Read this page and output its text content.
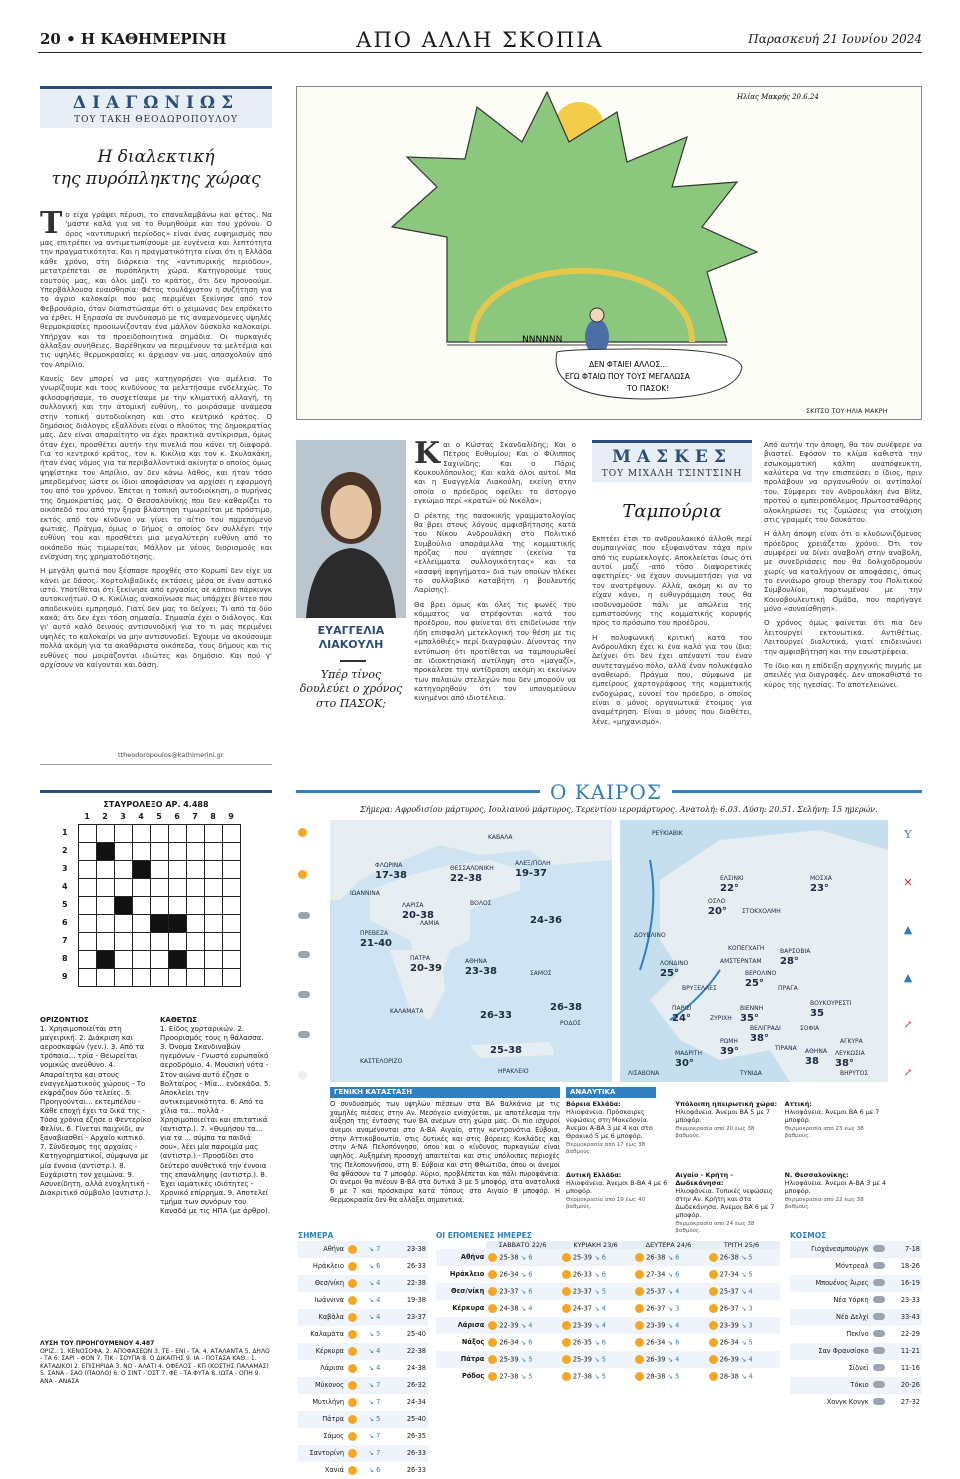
20 • Η ΚΑΘΗΜΕΡΙΝΗ	ΑΠΟ ΑΛΛΗ ΣΚΟΠΙΑ	Παρασκευή 21 Ιουνίου 2024
ΔΙΑΓΩΝΙΩΣ
ΤΟΥ ΤΑΚΗ ΘΕΟΔΩΡΟΠΟΥΛΟΥ
Η διαλεκτική
της πυρόπληκτης χώρας

Το είχα γράψει πέρυσι, το επαναλαμβάνω και φέτος. Να 'μαστε καλά για να το θυμηθούμε και του χρόνου. Ο όρος «αντιπυρική περίοδος» είναι ένας ευφημισμός που μας επιτρέπει να αντιμετωπίσουμε με ευγένεια και λεπτότητα την πραγματικότητα. Και η πραγματικότητα είναι ότι η Ελλάδα κάθε χρόνο, στη διάρκεια της «αντιπυρικής περιόδου», μετατρέπεται σε πυρόπληκτη χώρα. Κατηγορούμε τους εαυτούς μας, και όλοι μαζί το κράτος, ότι δεν προνοούμε. Υπερβάλλουσα ευαισθησία: Φέτος τουλάχιστον η συζήτηση για το άγριο καλοκαίρι που μας περιμένει ξεκίνησε από τον Φεβρουάριο, όταν διαπιστώσαμε ότι ο χειμώνας δεν επρόκειτο να έρθει. Η ξηρασία σε συνδυασμό με τις αναμενόμενες υψηλές θερμοκρασίες προοιωνίζονταν ένα μάλλον δύσκολο καλοκαίρι. Υπήρχαν και τα προειδοποιητικά σημάδια. Οι πυρκαγιές άλλαξαν συνήθειες. Βαρέθηκαν να περιμένουν τα μελτέμια και τις υψηλές θερμοκρασίες κι άρχισαν να μας απασχολούν από τον Απρίλιο.

Κανείς δεν μπορεί να μας κατηγορήσει για αμέλεια. Το γνωρίζουμε και τους κινδύνους τα μελετήσαμε ενδελεχώς. Το φιλοσοφήσαμε, το συσχετίσαμε με την κλιματική αλλαγή, τη συλλογική και την ατομική ευθύνη, το μοιράσαμε ανάμεσα στην τοπική αυτοδιοίκηση και στο κεντρικό κράτος. Ο δημόσιος διάλογος εξαλλόνει είναι ο πλούτος της δημοκρατίας μας. Δεν είναι απαραίτητο να έχει πρακτικά αντίκρισμα, όμως όταν έχει, προσθέτει αυτήν την πινελιά που κάνει τη διαφορά. Για το κεντρικό κράτος, τον κ. Κικίλια και τον κ. Σκυλακάκη, ήταν ένας νόμος για τα περιβαλλοντικά ακίνητα ο οποίος όμως ψηφίστηκε τον Απρίλιο, αν δεν κάνω λάθος, και ήταν τόσο μπερδεμένος ώστε οι ίδιοι αποφάσισαν να αρχίσει η εφαρμογή του από του χρόνου. Έπεται η τοπική αυτοδιοίκηση, ο πυρήνας της δημοκρατίας μας. Ο Θεσσαλονίκης που δεν καθαρίζει το οικόπεδό του από την ξηρά βλάστηση τιμωρείται με πρόστιμο, εκτός από τον κίνδυνο να γίνει το αίτιο του παρεπόμενο φωτιάς. Πράγμα, όμως ο δήμος ο οποίος δεν συλλέγει την ευθύνη του και προσθέτει μια μεγαλύτερη ευθύνη από το οικόπεδο πώς τιμωρείται; Μάλλον με νέους διορισμούς και ενίσχυση της χρηματοδότησης.

Η μεγάλη φωτιά που ξέσπασε προχθές στο Κορωπί δεν είχε να κάνει με δάσος. Χορτολιβαδικές εκτάσεις μέσα σε έναν αστικό ιστό. Υποτίθεται ότι ξεκίνησε από εργασίες σε κάποιο πάρκινγκ αυτοκινήτων. Ο κ. Κικίλιας ανακοίνωσε πως υπάρχει βίντεο που αποδεικνύει εμπρησμό. Γιατί δεν μας το δείχνει; Τι από τα δύο κακά; ότι δεν έχει τόση σημασία. Σημασία έχει ο διάλογος. Και γι' αυτό καλό δεινούς αντισυνοδική για το τι μας περιμένει υψηλές το καλοκαίρι να μην αντισυνοδεί. Έχουμε να ακούσουμε πολλά ακόμη για τα ακαθάριστα οικόπεδα, τους δήμους και τις ευθύνες που μοιράζονται ιδιώτες και δημόσιο. Και πού γ' αρχίσουν να καίγονται και δάση.

ttheodoropoulos@kathimerini.gr
ΝΝΝΝΝΝ
Ηλίας Μακρής 20.6.24
ΔΕΝ ΦΤΑΙΕΙ ΑΛΛΟΣ...
ΕΓΩ ΦΤΑΙΩ ΠΟΥ ΤΟΥΣ ΜΕΓΑΛΩΣΑ
ΤΟ ΠΑΣΟΚ!
ΣΚΙΤΣΟ ΤΟΥ ΗΛΙΑ ΜΑΚΡΗ
ΕΥΑΓΓΕΛΙΑ
ΛΙΑΚΟΥΛΗ
Υπέρ τίνος δουλεύει ο χρόνος στο ΠΑΣΟΚ;

Και ο Κώστας Σκανδαλίδης; Και ο Πέτρος Ευθυμίου; Και ο Φίλιππος Σαχινίδης; Και ο Πάρις Κουκουλόπουλος; Και καλά όλοι αυτοί. Μα και η Ευαγγελία Λιακούλη, εκείνη στην οποία ο πρόεδρος οφείλει το όστοργο εγκώμιο περί «κρατώ» ού Νικόλα»;

Ο ρέκτης της πασοκικής γραμματολογίας θα βρει στους λόγους αμφισβήτησης κατά του Νίκου Ανδρουλάκη στο Πολιτικό Συμβούλιο απαράμιλλα της κομματικής πρόζας που αγάπησε (εκείνα τα «ελλείμματα συλλογικότητας» και τα «ασαφή αφηγήματα» διά των οποίων πλέκει το συλλαβικό καταβήτη η βουλευτής Λαρίσης).

Θα βρει όμως και όλες τις φωνές του κόμματος να στρέφονται κατά του προέδρου, που φαίνεται ότι επιδείνωσε την ήδη επισφαλή μετεκλογική του θέση με τις «μπαλόθιές» περί διαγραφών. Δίνοντας την εντύπωση ότι προτίθεται να ταμπουρωθεί σε ιδιοκτησιακή αντίληψη στο «μαγαζί», προκάλεσε την αντίδραση ακόμη κι εκείνων των παλαιών στελεχών που δεν μπορούν να κατηγορηθούν ότι τον υπονομεύουν κινημένοι από ιδιοτέλεια.

ΜΑΣΚΕΣ
ΤΟΥ ΜΙΧΑΛΗ ΤΣΙΝΤΣΙΝΗ
Ταμπούρια

Εκπτέει έτσι το ανδρουλακικό άλλοθι περί συμπαιγνίας που εξυφαινόταν τάχα πριν από τις ευρωεκλογές. Αποκλείεται ίσως ότι αυτοί μαζί -από τόσο διαφορετικές αφετηρίες- να έχουν συνωμοτήσει για να τον ανατρέψουν. Αλλά, ακόμη κι αν το είχαν κάνει, η ευθυγράμμιση τους θα ισοδυναμούσε πάλι με απώλεια της εμπιστοσύνης της κομματικής κορυφής προς το πρόσωπο του προέδρου.

Η πολυφωνική κριτική κατά του Ανδρουλάκη έχει κι ένα καλό για τον ίδιο: Δείχνει ότι δεν έχει απέναντί του έναν συντεταγμένο πόλο, αλλά έναν πολυκέφαλο αναθεωρό. Πράγμα που, σύμφωνα με εμπείρους χαρτογράφους της κομματικής ενδοχώρας, ευνοεί τον πρόεδρο, ο οποίος είναι ο μόνος οργανωτικά έτοιμος για αναμέτρηση. Είναι ο μόνος που διαθέτει, λένε, «μηχανισμό».

Από αυτήν την άποψη, θα τον συνέφερε να βιαστεί. Εφόσον το κλίμα καθιστά την εσωκομματική κάλπη αναπόφευκτη, καλύτερα να την επισπεύσει ο ίδιος, πριν προλάβουν να οργανωθούν οι αντίπαλοί του. Σύμφερει τον Ανδρουλάκη ένα Blitz, προτού ο εμπειροπόλεμος Πρωτοσταθάρης ολοκληρώσει τις ζυμώσεις για στοίχιση στις γραμμές του δουκάτου.

Η άλλη άποψη είναι ότι ο κλυδωνιζόμενος πρόεδρος χρειάζεται χρόνο. Ότι τον συμφέρει να δίνει αναβολή στην αναβολή, με συνεδριάσεις που θα δολιχοδρομούν χωρίς να καταλήγουν σε αποφάσεις, όπως το εννιάωρο group therapy του Πολιτικού Συμβουλίου, παρτωμένου με την Κοινοβουλευτική Ομάδα, που παρήγαγε μόνο «συναίσθηση».

Ο χρόνος όμως φαίνεται ότι πια δεν λειτουργεί εκτονωτικά. Αντιθέτως. Λειτουργεί διαλυτικά, γιατί επιδεινώνει την αμφισβήτηση και την εσωστρέφεια.

Το ίδιο και η επίδειξη αρχηγικής πυγμής με απειλές για διαγραφές. Δεν αποκαθιστά το κύρος της ηγεσίας. Το αποτελειώνει.

ΣΤΑΥΡΟΛΕΞΟ ΑΡ. 4.488
1	2	3	4	5	6	7	8	9
1
2
3
4
5
6
7
8
9

ΟΡΙΖΟΝΤΙΟΣ
1. Χρησιμοποιείται στη μαγειρική. 2. Διάκριση και αεροσκαφών (γεν.). 3. Από τα τρόπαια... τρία - Θεωρείται νομικώς ανεύθυνο. 4. Απαραίτητα και στους εναγγελματικούς χώρους - Το εκφράζουν δύο τελείες. 5. Προηγούνται... εκτεμπέλου - Κάθε εποχή έχει τα δικά της - Τόσα χρόνια έζησε ο Φεντερίκο Φελίνι. 6. Γίνεται παιχνίδι, αν ξαναβιασθεί - Αρχαίο κιπτικό. 7. Σύνδεσμος της αρχαίας - Κατηγορηματικοί, σύμφωνα με μία έννοια (αντιστρ.). 8. Ευχάριστη τον χειμώνα. 9. Ασυνείδητη, αλλά ενοχλητική - Διακριτικό σύμβολο (αντιστρ.).
ΚΑΘΕΤΩΣ
1. Είδος χορταρικών. 2. Προορισμός τους η θάλασσα. 3. Όνομα Σκανδιναβών ηγεμόνων - Γνωστό ευρωπαϊκό αεροδρόμιο. 4. Μουσική νότα - Στον αιώνα αυτό έζησε ο Βολταίρος - Μία... ενδεκάδα. 5. Αποκλείει την αντικειμενικότητα. 6. Από τα χίλια τα... πολλά - Χρησιμοποιείται και επιτατικά (αντιστρ.). 7. «Θυμήσου τα... για τα ... σύμπα τα παιδιά σου», λέει μία παροιμία μας (αντιστρ.) - Προσδίδει στο δεύτερο συνθετικό την έννοια της επανάληψης (αντιστρ.). 8. Έχει ιαματικές ιδιότητες - Χρονικό επίρρημα. 9. Αποτελεί τμήμα των συνόρων του Καναδά με τις ΗΠΑ (με άρθρο).
ΛΥΣΗ ΤΟΥ ΠΡΟΗΓΟΥΜΕΝΟΥ 4.487
ΟΡΙΖ.: 1. ΚΕΝΟΣΟΦΑ. 2. ΑΠΟΦΑΣΕΩΝ 3. ΤΕ - ΕΝΙ - ΤΑ. 4. ΑΤΑΛΑΝΤΑ 5. ΔΗΛΟ - ΤΑ 6. ΣΑΡΙ - ΦΟΝ 7. ΤΙΚ - ΣΟΥΠΑ 8. Ο ΔΙΚΑΙΤΗΣ 9. ΙΑ - ΠΟΤΑΣΑ ΚΑΘ.: 1. ΚΑΤΑΔΙΚΟΙ 2. ΕΠΙΣΗΡΙΔΑ 3. ΝΟ - ΑΛΑΤΙ 4. ΟΦΕΛΟΣ - ΚΠ (ΚΟΣΤΗΣ ΠΑΛΑΜΑΣ) 5. ΣΑΝΑ - ΣΑΟ (ΠΑΟΛΟ) 6. Ο ΣΙΝΤ - ΟΣΤ 7. ΦΕ - ΤΑ ΦΥΤΑ 8. ΙΩΤΑ - ΟΠΗ 9. ΑΝΑ - ΑΝΑΣΑ
Ο ΚΑΙΡΟΣ
Σήμερα: Αφροδισίου μάρτυρος, Ιουλιανού μάρτυρος, Τερεντίου ιερομάρτυρος. Ανατολή: 6.03. Δύση: 20.51. Σελήνη: 15 ημερών.
ΚΑΒΑΛΑ
ΦΛΩΡΙΝΑ
17-38
ΘΕΣΣΑΛΟΝΙΚΗ
22-38
ΑΛΕΞ/ΠΟΛΗ
19-37
ΙΩΑΝΝΙΝΑ
ΛΑΡΙΣΑ
20-38
ΒΟΛΟΣ
ΠΡΕΒΕΖΑ
21-40
ΛΑΜΙΑ	24-36
ΠΑΤΡΑ
20-39
ΑΘΗΝΑ
23-38	ΣΑΜΟΣ
ΚΑΛΑΜΑΤΑ	26-33
26-38
ΡΟΔΟΣ
ΚΑΣΤΕΛΟΡΙΖΟ
25-38
ΗΡΑΚΛΕΙΟ
ΡΕΫΚΙΑΒΙΚ
ΕΛΣΙΝΚΙ
22°
ΜΟΣΧΑ
23°
ΟΣΛΟ
20°	ΣΤΟΚΧΟΛΜΗ
ΚΟΠΕΓΧΑΓΗ
ΔΟΥΒΛΙΝΟ
ΑΜΣΤΕΡΝΤΑΜ
ΒΑΡΣΟΒΙΑ
28°
ΛΟΝΔΙΝΟ
25°	ΒΕΡΟΛΙΝΟ
25°
ΒΡΥΞΕΛΛΕΣ	ΠΡΑΓΑ
ΠΑΡΙΣΙ
24°
ΒΙΕΝΝΗ
35°
ΖΥΡΙΧΗ
ΒΟΥΚΟΥΡΕΣΤΙ
35
ΒΕΛΙΓΡΑΔΙ
38°
ΣΟΦΙΑ
ΡΩΜΗ
39°	ΤΙΡΑΝΑ
ΑΓΚΥΡΑ
ΜΑΔΡΙΤΗ
30°
ΛΙΣΑΒΟΝΑ
ΑΘΗΝΑ
38
ΛΕΥΚΩΣΙΑ
38°
ΤΥΝΙΔΑ	ΒΗΡΥΤΟΣ
Υ
✕
▲
▲
↗
↗
ΓΕΝΙΚΗ ΚΑΤΑΣΤΑΣΗ
Ο συνδυασμός των υψηλών πιέσεων στα ΒΑ Βαλκάνια με τις χαμηλές πιέσεις στην Αν. Μεσόγειο ενισχύεται, με αποτέλεσμα την αύξηση της έντασης των ΒΑ ανέμων στη χώρα μας. Οι πιο ισχυροί άνεμοι αναμένονται στο Α-ΒΑ Αιγαίο, στην κεντρονότια Εύβοια, στην Αττικοβοιωτία, στις δυτικές και στις βόρειες Κυκλάδες και στην Α-ΝΑ Πελοπόννησο, όπου και ο κίνδυνος πυρκαγιών είναι υψηλός. Αυξημένη προσοχή απαιτείται και στις υπόλοιπες περιοχές της Πελοποννήσου, στη Β. Εύβοια και στη Φθιώτιδα, όπου οι άνεμοι θα φθάσουν τα 7 μποφόρ. Αύριο, προβλέπεται και πάλι πυροφάνεια. Οι άνεμοι θα πνέουν Β-ΒΑ στα δυτικά 3 με 5 μποφόρ, στα ανατολικά 6 με 7 και πρόσκαιρα κατά τόπους στο Αιγαίο 8 μποφόρ. Η θερμοκρασία δεν θα αλλάξει σημαντικά.
ΑΝΑΛΥΤΙΚΑ
Βόρεια Ελλάδα:
Ηλιοφάνεια. Πρόσκαιρες νεφώσεις στη Μακεδονία. Άνεμοι Α-ΒΑ 3 με 4 και στο Θρακικό 5 με 6 μποφόρ.
Θερμοκρασία από 17 έως 38 βαθμούς.
Υπόλοιπη ηπειρωτική χώρα:
Ηλιοφάνεια. Άνεμοι ΒΑ 5 με 7 μποφόρ.
Θερμοκρασία από 20 έως 38 βαθμούς.
Αττική:
Ηλιοφάνεια. Άνεμοι ΒΑ 6 με 7 μποφόρ.
Θερμοκρασία από 23 έως 38 βαθμούς.
Δυτική Ελλάδα:
Ηλιοφάνεια. Άνεμοι Β-ΒΑ 4 με 6 μποφόρ.
Θερμοκρασία από 19 έως 40 βαθμούς.
Αιγαίο - Κρήτη - Δωδεκάνησα:
Ηλιοφάνεια. Τοπικές νεφώσεις στην Αν. Κρήτη και στα Δωδεκάνησα. Άνεμοι ΒΑ 6 με 7 μποφόρ.
Θερμοκρασία από 24 έως 38 βαθμούς.
Ν. Θεσσαλονίκης:
Ηλιοφάνεια. Άνεμοι Α-ΒΑ 3 με 4 μποφόρ.
Θερμοκρασία από 22 έως 38 βαθμούς.
ΣΗΜΕΡΑ
Αθήνα		↘ 7	23-38
Ηράκλειο		↘ 6	26-33
Θεσ/νίκη		↘ 4	22-38
Ιωάννινα		↘ 4	19-38
Καβάλα		↘ 4	23-37
Καλαμάτα		↘ 5	25-40
Κέρκυρα		↘ 4	22-38
Λάρισα		↘ 4	24-38
Μύκονος		↘ 7	26-32
Μυτιλήνη		↘ 7	24-34
Πάτρα		↘ 5	25-40
Σάμος		↘ 7	26-35
Σαντορίνη		↘ 7	26-33
Χανιά		↘ 6	26-33
ΟΙ ΕΠΟΜΕΝΕΣ ΗΜΕΡΕΣ
ΣΑΒΒΑΤΟ 22/6	ΚΥΡΙΑΚΗ 23/6	ΔΕΥΤΕΡΑ 24/6	ΤΡΙΤΗ 25/6
Αθήνα	25-38 ↘ 6	25-39 ↘ 6	26-38 ↘ 6	26-38 ↘ 5
Ηράκλειο	26-34 ↘ 6	26-33 ↘ 6	27-34 ↘ 6	27-34 ↘ 5
Θεσ/νίκη	23-37 ↘ 6	23-37 ↘ 5	25-37 ↘ 4	25-37 ↘ 4
Κέρκυρα	24-38 ↘ 4	24-37 ↘ 4	26-37 ↘ 3	26-37 ↘ 3
Λάρισα	22-39 ↘ 4	23-39 ↘ 4	23-39 ↘ 4	23-39 ↘ 3
Νάξος	26-34 ↘ 6	26-35 ↘ 6	26-34 ↘ 6	26-34 ↘ 5
Πάτρα	25-39 ↘ 5	25-39 ↘ 5	26-39 ↘ 4	26-39 ↘ 4
Ρόδος	27-38 ↘ 5	27-38 ↘ 5	28-38 ↘ 5	28-38 ↘ 4
ΚΟΣΜΟΣ
Γιοχάνεσμπουργκ		7-18
Μόντρεαλ		18-26
Μπουένος Άιρες		16-19
Νέα Υόρκη		23-33
Νέο Δελχί		33-43
Πεκίνο		22-29
Σαν Φρανσίσκο		11-21
Σίδνεϊ		11-16
Τόκιο		20-26
Χονγκ Κονγκ		27-32
